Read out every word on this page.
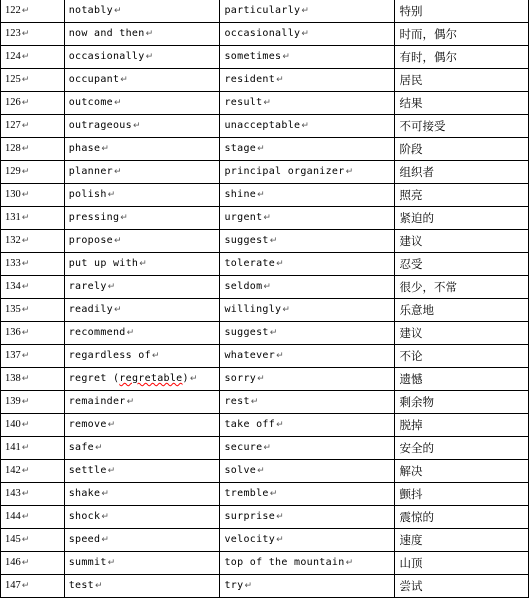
122↵	notably↵	particularly↵	特别
123↵	now and then↵	occasionally↵	时而，偶尔
124↵	occasionally↵	sometimes↵	有时，偶尔
125↵	occupant↵	resident↵	居民
126↵	outcome↵	result↵	结果
127↵	outrageous↵	unacceptable↵	不可接受
128↵	phase↵	stage↵	阶段
129↵	planner↵	principal organizer↵	组织者
130↵	polish↵	shine↵	照亮
131↵	pressing↵	urgent↵	紧迫的
132↵	propose↵	suggest↵	建议
133↵	put up with↵	tolerate↵	忍受
134↵	rarely↵	seldom↵	很少，不常
135↵	readily↵	willingly↵	乐意地
136↵	recommend↵	suggest↵	建议
137↵	regardless of↵	whatever↵	不论
138↵	regret (regretable)↵	sorry↵	遗憾
139↵	remainder↵	rest↵	剩余物
140↵	remove↵	take off↵	脱掉
141↵	safe↵	secure↵	安全的
142↵	settle↵	solve↵	解决
143↵	shake↵	tremble↵	颤抖
144↵	shock↵	surprise↵	震惊的
145↵	speed↵	velocity↵	速度
146↵	summit↵	top of the mountain↵	山顶
147↵	test↵	try↵	尝试
